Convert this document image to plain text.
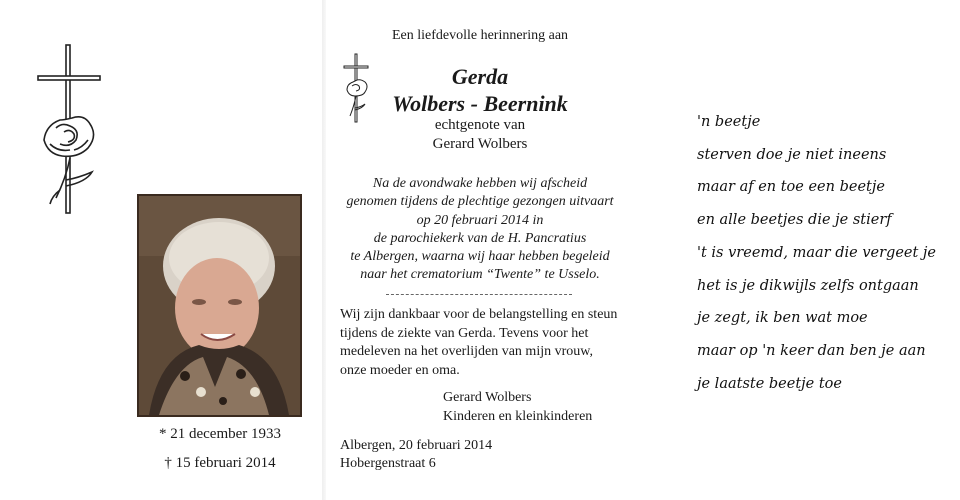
* 21 december 1933
† 15 februari 2014
Een liefdevolle herinnering aan
Gerda
Wolbers - Beernink
echtgenote van
Gerard Wolbers
Na de avondwake hebben wij afscheid
genomen tijdens de plechtige gezongen uitvaart
op 20 februari 2014 in
de parochiekerk van de H. Pancratius
te Albergen, waarna wij haar hebben begeleid
naar het crematorium “Twente” te Usselo.
Wij zijn dankbaar voor de belangstelling en steun
tijdens de ziekte van Gerda. Tevens voor het
medeleven na het overlijden van mijn vrouw,
onze moeder en oma.
Gerard Wolbers
Kinderen en kleinkinderen
Albergen, 20 februari 2014
Hobergenstraat 6
'n beetje
sterven doe je niet ineens
maar af en toe een beetje
en alle beetjes die je stierf
't is vreemd, maar die vergeet je
het is je dikwijls zelfs ontgaan
je zegt, ik ben wat moe
maar op 'n keer dan ben je aan
je laatste beetje toe
